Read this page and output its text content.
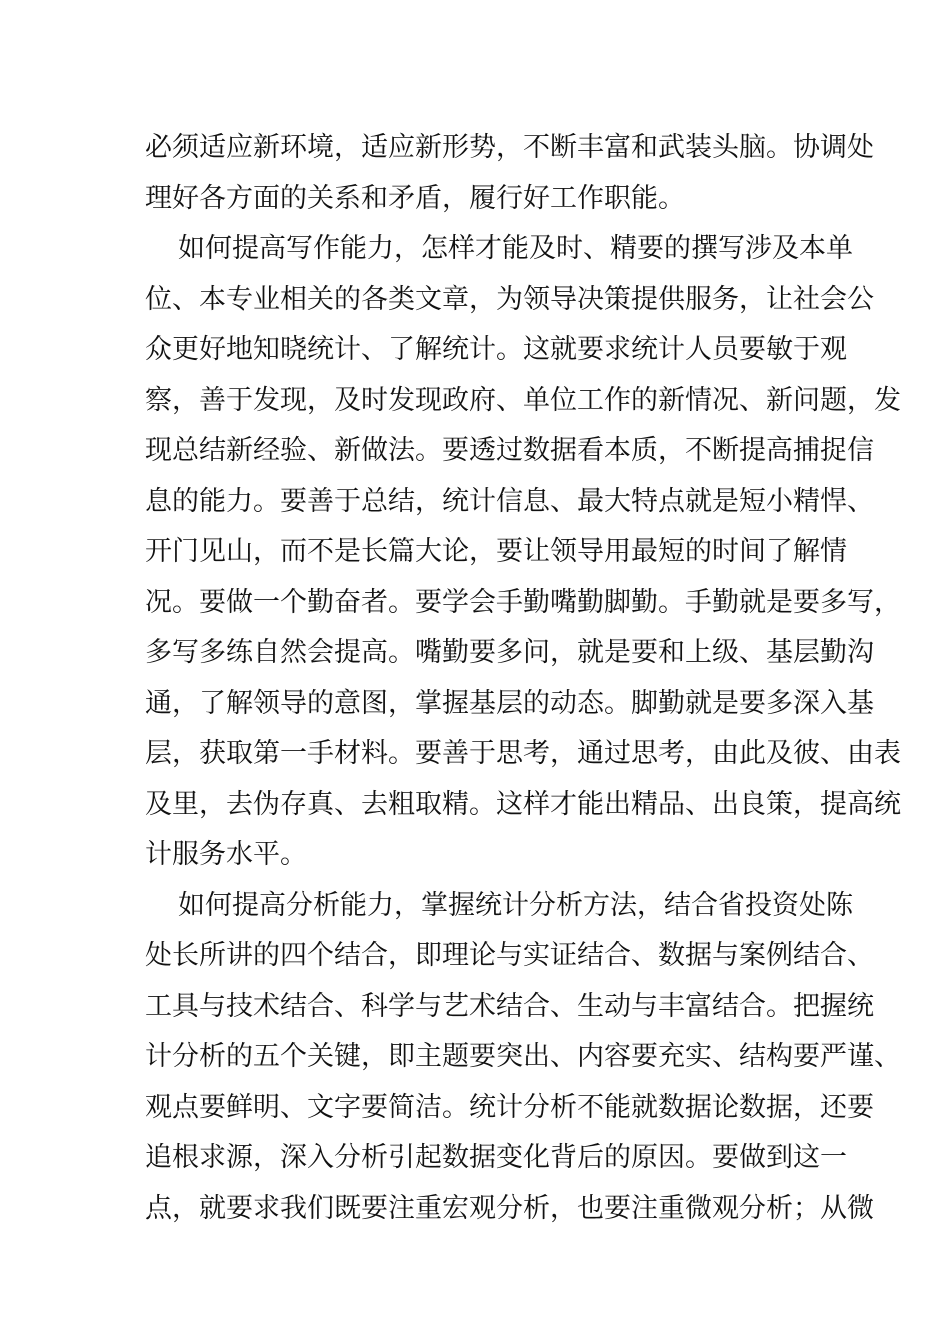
必须适应新环境，适应新形势，不断丰富和武装头脑。协调处
理好各方面的关系和矛盾，履行好工作职能。
如何提高写作能力，怎样才能及时、精要的撰写涉及本单
位、本专业相关的各类文章，为领导决策提供服务，让社会公
众更好地知晓统计、了解统计。这就要求统计人员要敏于观
察，善于发现，及时发现政府、单位工作的新情况、新问题，发
现总结新经验、新做法。要透过数据看本质，不断提高捕捉信
息的能力。要善于总结，统计信息、最大特点就是短小精悍、
开门见山，而不是长篇大论，要让领导用最短的时间了解情
况。要做一个勤奋者。要学会手勤嘴勤脚勤。手勤就是要多写，
多写多练自然会提高。嘴勤要多问，就是要和上级、基层勤沟
通，了解领导的意图，掌握基层的动态。脚勤就是要多深入基
层，获取第一手材料。要善于思考，通过思考，由此及彼、由表
及里，去伪存真、去粗取精。这样才能出精品、出良策，提高统
计服务水平。
如何提高分析能力，掌握统计分析方法，结合省投资处陈
处长所讲的四个结合，即理论与实证结合、数据与案例结合、
工具与技术结合、科学与艺术结合、生动与丰富结合。把握统
计分析的五个关键，即主题要突出、内容要充实、结构要严谨、
观点要鲜明、文字要简洁。统计分析不能就数据论数据，还要
追根求源，深入分析引起数据变化背后的原因。要做到这一
点，就要求我们既要注重宏观分析，也要注重微观分析；从微
